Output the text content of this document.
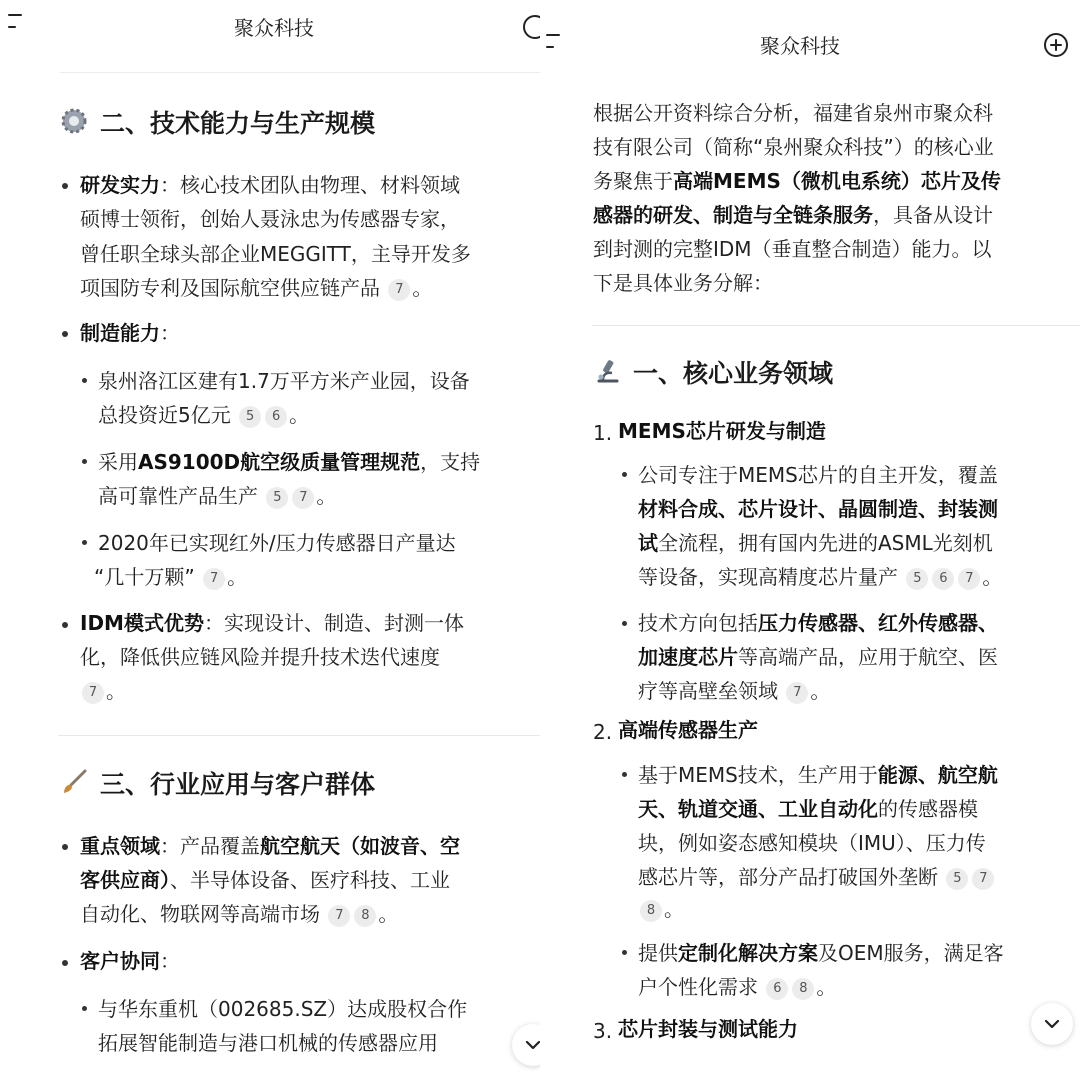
聚众科技
二、技术能力与生产规模
研发实力：核心技术团队由物理、材料领域
硕博士领衔，创始人聂泳忠为传感器专家，
曾任职全球头部企业MEGGITT，主导开发多
项国防专利及国际航空供应链产品 7 。
制造能力：
泉州洛江区建有1.7万平方米产业园，设备
总投资近5亿元 5 6 。
采用AS9100D航空级质量管理规范，支持
高可靠性产品生产 5 7 。
2020年已实现红外/压力传感器日产量达
“几十万颗” 7 。
IDM模式优势：实现设计、制造、封测一体
化，降低供应链风险并提升技术迭代速度
7 。
三、行业应用与客户群体
重点领域：产品覆盖航空航天（如波音、空
客供应商）、半导体设备、医疗科技、工业
自动化、物联网等高端市场 7 8 。
客户协同：
与华东重机（002685.SZ）达成股权合作
拓展智能制造与港口机械的传感器应用
聚众科技
根据公开资料综合分析，福建省泉州市聚众科
技有限公司（简称“泉州聚众科技”）的核心业
务聚焦于高端MEMS（微机电系统）芯片及传
感器的研发、制造与全链条服务，具备从设计
到封测的完整IDM（垂直整合制造）能力。以
下是具体业务分解：
一、核心业务领域
1. MEMS芯片研发与制造
公司专注于MEMS芯片的自主开发，覆盖
材料合成、芯片设计、晶圆制造、封装测
试全流程，拥有国内先进的ASML光刻机
等设备，实现高精度芯片量产 5 6 7 。
技术方向包括压力传感器、红外传感器、
加速度芯片等高端产品，应用于航空、医
疗等高壁垒领域 7 。
2. 高端传感器生产
基于MEMS技术，生产用于能源、航空航
天、轨道交通、工业自动化的传感器模
块，例如姿态感知模块（IMU）、压力传
感芯片等，部分产品打破国外垄断 5 7
8 。
提供定制化解决方案及OEM服务，满足客
户个性化需求 6 8 。
3. 芯片封装与测试能力
